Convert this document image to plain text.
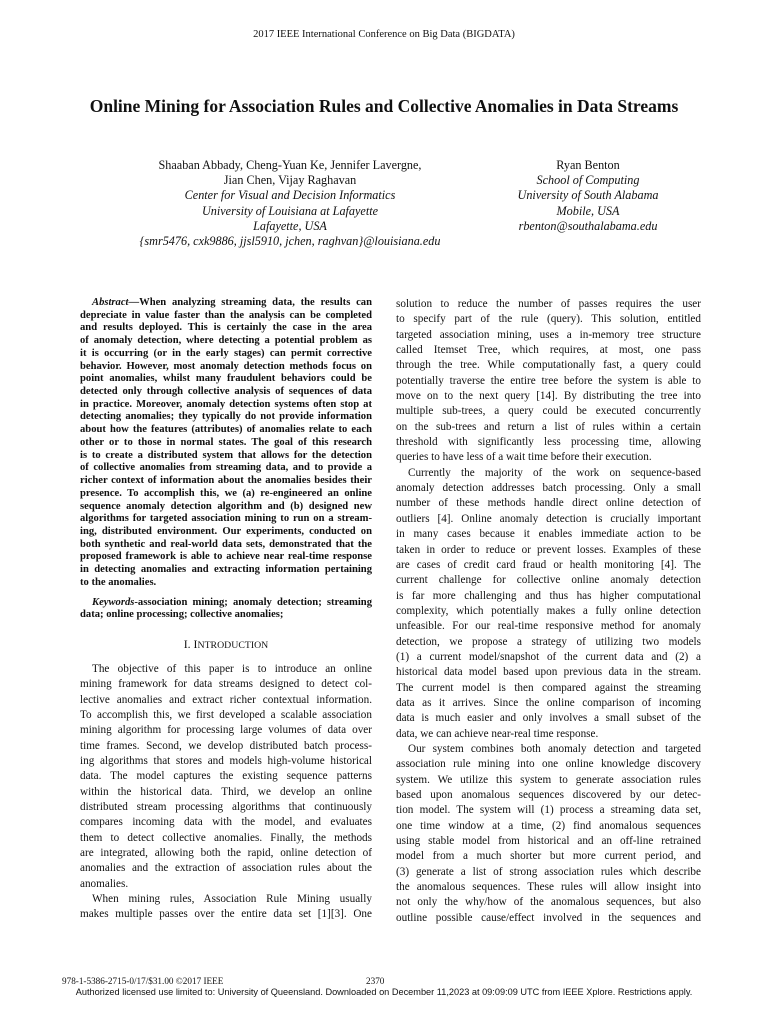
2017 IEEE International Conference on Big Data (BIGDATA)
Online Mining for Association Rules and Collective Anomalies in Data Streams
Shaaban Abbady, Cheng-Yuan Ke, Jennifer Lavergne,
Jian Chen, Vijay Raghavan
Center for Visual and Decision Informatics
University of Louisiana at Lafayette
Lafayette, USA
{smr5476, cxk9886, jjsl5910, jchen, raghvan}@louisiana.edu
Ryan Benton
School of Computing
University of South Alabama
Mobile, USA
rbenton@southalabama.edu
Abstract—When analyzing streaming data, the results can
depreciate in value faster than the analysis can be completed
and results deployed. This is certainly the case in the area
of anomaly detection, where detecting a potential problem as
it is occurring (or in the early stages) can permit corrective
behavior. However, most anomaly detection methods focus on
point anomalies, whilst many fraudulent behaviors could be
detected only through collective analysis of sequences of data
in practice. Moreover, anomaly detection systems often stop at
detecting anomalies; they typically do not provide information
about how the features (attributes) of anomalies relate to each
other or to those in normal states. The goal of this research
is to create a distributed system that allows for the detection
of collective anomalies from streaming data, and to provide a
richer context of information about the anomalies besides their
presence. To accomplish this, we (a) re-engineered an online
sequence anomaly detection algorithm and (b) designed new
algorithms for targeted association mining to run on a stream-
ing, distributed environment. Our experiments, conducted on
both synthetic and real-world data sets, demonstrated that the
proposed framework is able to achieve near real-time response
in detecting anomalies and extracting information pertaining
to the anomalies.
Keywords-association mining; anomaly detection; streaming
data; online processing; collective anomalies;
I. INTRODUCTION
The objective of this paper is to introduce an online
mining framework for data streams designed to detect col-
lective anomalies and extract richer contextual information.
To accomplish this, we first developed a scalable association
mining algorithm for processing large volumes of data over
time frames. Second, we develop distributed batch process-
ing algorithms that stores and models high-volume historical
data. The model captures the existing sequence patterns
within the historical data. Third, we develop an online
distributed stream processing algorithms that continuously
compares incoming data with the model, and evaluates
them to detect collective anomalies. Finally, the methods
are integrated, allowing both the rapid, online detection of
anomalies and the extraction of association rules about the
anomalies.
When mining rules, Association Rule Mining usually
makes multiple passes over the entire data set [1][3]. One
solution to reduce the number of passes requires the user
to specify part of the rule (query). This solution, entitled
targeted association mining, uses a in-memory tree structure
called Itemset Tree, which requires, at most, one pass
through the tree. While computationally fast, a query could
potentially traverse the entire tree before the system is able to
move on to the next query [14]. By distributing the tree into
multiple sub-trees, a query could be executed concurrently
on the sub-trees and return a list of rules within a certain
threshold with significantly less processing time, allowing
queries to have less of a wait time before their execution.
Currently the majority of the work on sequence-based
anomaly detection addresses batch processing. Only a small
number of these methods handle direct online detection of
outliers [4]. Online anomaly detection is crucially important
in many cases because it enables immediate action to be
taken in order to reduce or prevent losses. Examples of these
are cases of credit card fraud or health monitoring [4]. The
current challenge for collective online anomaly detection
is far more challenging and thus has higher computational
complexity, which potentially makes a fully online detection
unfeasible. For our real-time responsive method for anomaly
detection, we propose a strategy of utilizing two models
(1) a current model/snapshot of the current data and (2) a
historical data model based upon previous data in the stream.
The current model is then compared against the streaming
data as it arrives. Since the online comparison of incoming
data is much easier and only involves a small subset of the
data, we can achieve near-real time response.
Our system combines both anomaly detection and targeted
association rule mining into one online knowledge discovery
system. We utilize this system to generate association rules
based upon anomalous sequences discovered by our detec-
tion model. The system will (1) process a streaming data set,
one time window at a time, (2) find anomalous sequences
using stable model from historical and an off-line retrained
model from a much shorter but more current period, and
(3) generate a list of strong association rules which describe
the anomalous sequences. These rules will allow insight into
not only the why/how of the anomalous sequences, but also
outline possible cause/effect involved in the sequences and
978-1-5386-2715-0/17/$31.00 ©2017 IEEE	2370
Authorized licensed use limited to: University of Queensland. Downloaded on December 11,2023 at 09:09:09 UTC from IEEE Xplore. Restrictions apply.
